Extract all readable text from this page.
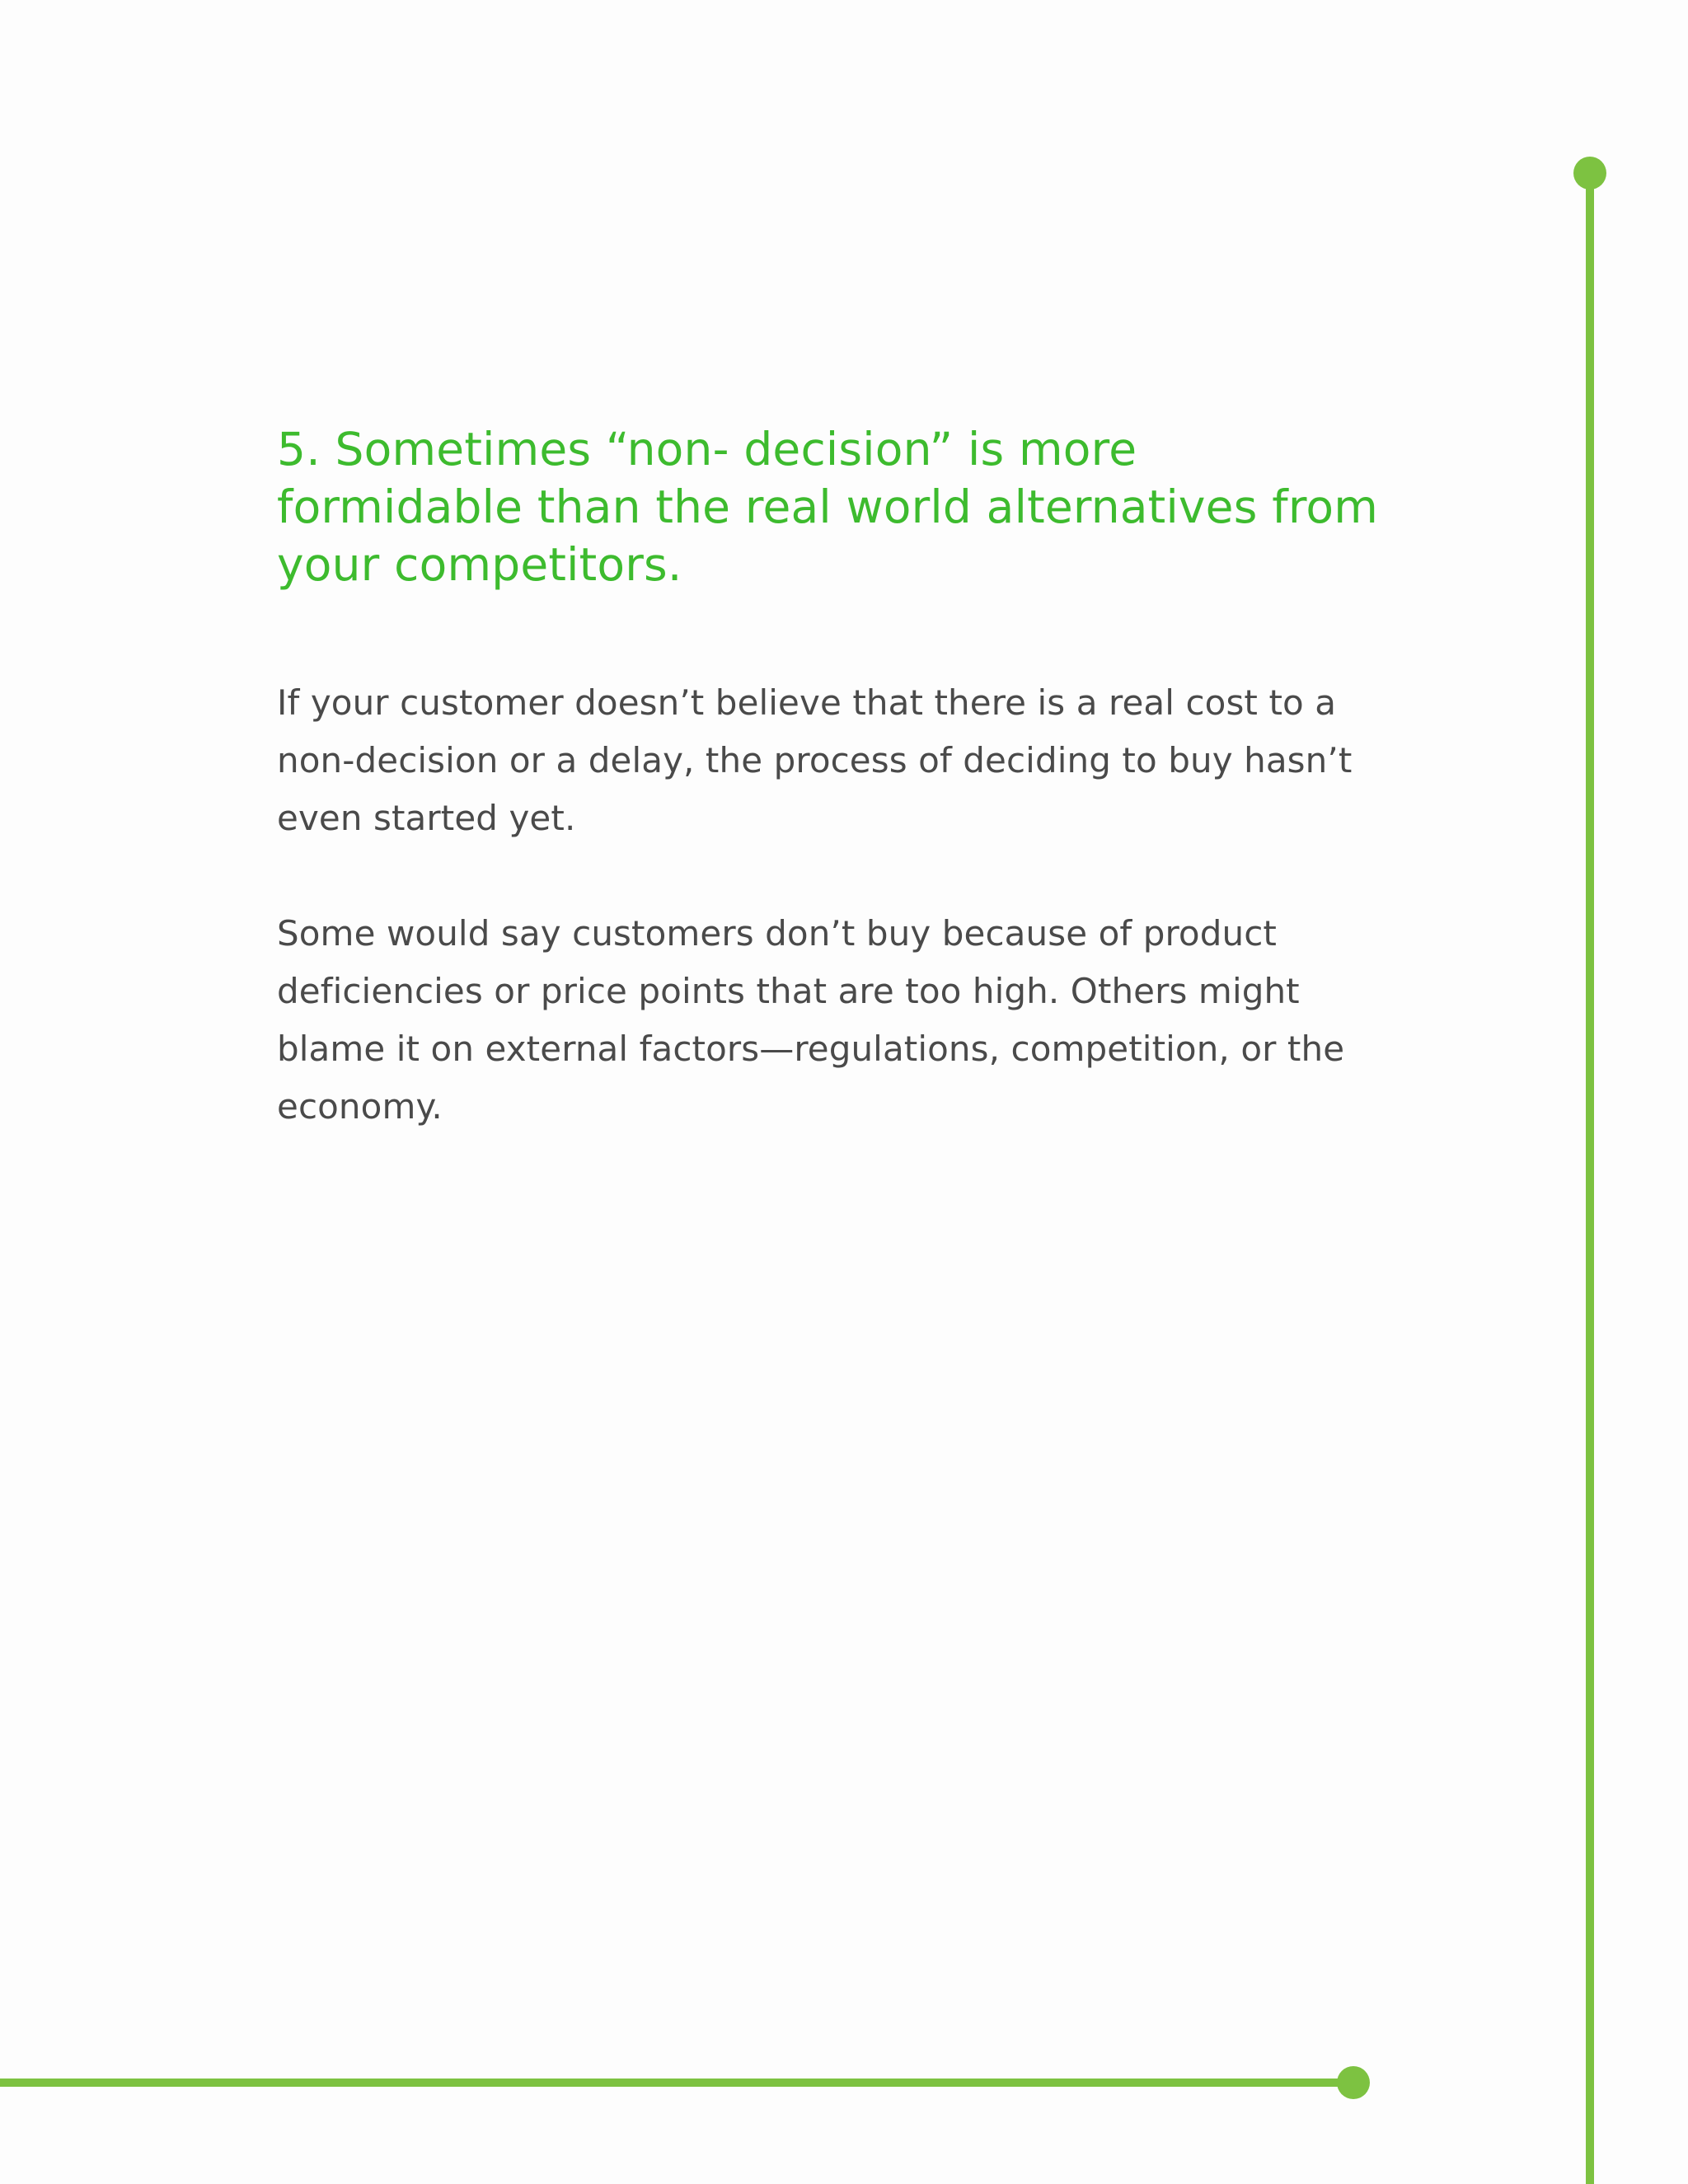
5. Sometimes “non- decision” is more formidable than the real world alternatives from your competitors.

If your customer doesn’t believe that there is a real cost to a non-decision or a delay, the process of deciding to buy hasn’t even started yet.

Some would say customers don’t buy because of product deficiencies or price points that are too high. Others might blame it on external factors—regulations, competition, or the economy.
